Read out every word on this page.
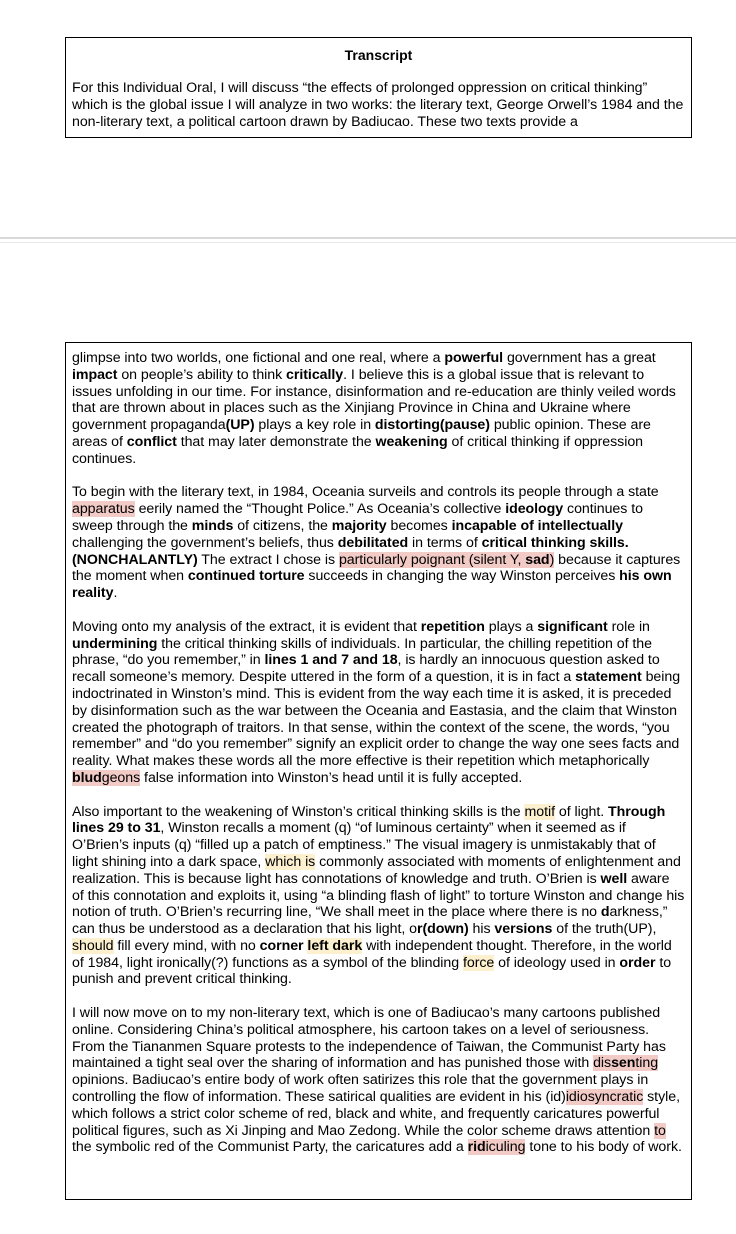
Transcript

For this Individual Oral, I will discuss “the effects of prolonged oppression on critical thinking” which is the global issue I will analyze in two works: the literary text, George Orwell’s 1984 and the non-literary text, a political cartoon drawn by Badiucao. These two texts provide a

glimpse into two worlds, one fictional and one real, where a powerful government has a great impact on people’s ability to think critically. I believe this is a global issue that is relevant to issues unfolding in our time. For instance, disinformation and re-education are thinly veiled words that are thrown about in places such as the Xinjiang Province in China and Ukraine where government propaganda(UP) plays a key role in distorting(pause) public opinion. These are areas of conflict that may later demonstrate the weakening of critical thinking if oppression continues.

To begin with the literary text, in 1984, Oceania surveils and controls its people through a state apparatus eerily named the “Thought Police.” As Oceania’s collective ideology continues to sweep through the minds of citizens, the majority becomes incapable of intellectually challenging the government’s beliefs, thus debilitated in terms of critical thinking skills.(NONCHALANTLY) The extract I chose is particularly poignant (silent Y, sad) because it captures the moment when continued torture succeeds in changing the way Winston perceives his own reality.

Moving onto my analysis of the extract, it is evident that repetition plays a significant role in undermining the critical thinking skills of individuals. In particular, the chilling repetition of the phrase, “do you remember,” in lines 1 and 7 and 18, is hardly an innocuous question asked to recall someone’s memory. Despite uttered in the form of a question, it is in fact a statement being indoctrinated in Winston’s mind. This is evident from the way each time it is asked, it is preceded by disinformation such as the war between the Oceania and Eastasia, and the claim that Winston created the photograph of traitors. In that sense, within the context of the scene, the words, “you remember” and “do you remember” signify an explicit order to change the way one sees facts and reality. What makes these words all the more effective is their repetition which metaphorically bludgeons false information into Winston’s head until it is fully accepted.

Also important to the weakening of Winston’s critical thinking skills is the motif of light. Through lines 29 to 31, Winston recalls a moment (q) “of luminous certainty” when it seemed as if O’Brien’s inputs (q) “filled up a patch of emptiness.” The visual imagery is unmistakably that of light shining into a dark space, which is commonly associated with moments of enlightenment and realization. This is because light has connotations of knowledge and truth. O’Brien is well aware of this connotation and exploits it, using “a blinding flash of light” to torture Winston and change his notion of truth. O’Brien’s recurring line, “We shall meet in the place where there is no darkness,” can thus be understood as a declaration that his light, or(down) his versions of the truth(UP), should fill every mind, with no corner left dark with independent thought. Therefore, in the world of 1984, light ironically(?) functions as a symbol of the blinding force of ideology used in order to punish and prevent critical thinking.

I will now move on to my non-literary text, which is one of Badiucao’s many cartoons published online. Considering China’s political atmosphere, his cartoon takes on a level of seriousness. From the Tiananmen Square protests to the independence of Taiwan, the Communist Party has maintained a tight seal over the sharing of information and has punished those with dissenting opinions. Badiucao’s entire body of work often satirizes this role that the government plays in controlling the flow of information. These satirical qualities are evident in his (id)idiosyncratic style, which follows a strict color scheme of red, black and white, and frequently caricatures powerful political figures, such as Xi Jinping and Mao Zedong. While the color scheme draws attention to the symbolic red of the Communist Party, the caricatures add a ridiculing tone to his body of work.
